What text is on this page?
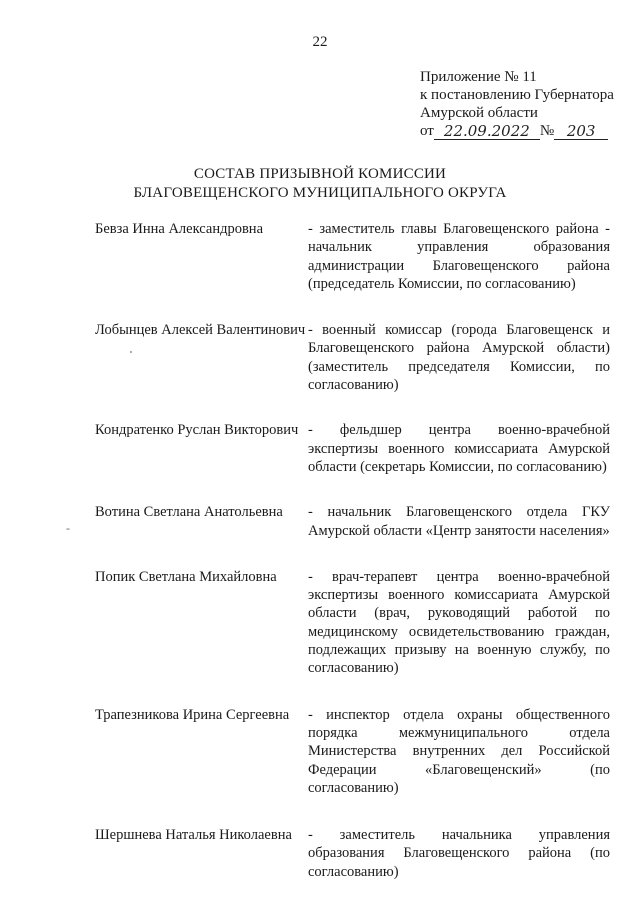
22
Приложение № 11
к постановлению Губернатора
Амурской области
от 22.09.2022 № 203
СОСТАВ ПРИЗЫВНОЙ КОМИССИИ
БЛАГОВЕЩЕНСКОГО МУНИЦИПАЛЬНОГО ОКРУГА
Бевза Инна Александровна	- заместитель главы Благовещенского района - начальник управления образования администрации Благовещенского района (председатель Комиссии, по согласованию)
Лобынцев Алексей Валентинович - военный комиссар (города Благовещенск и Благовещенского района Амурской области) (заместитель председателя Комиссии, по согласованию)
Кондратенко Руслан Викторович - фельдшер центра военно-врачебной экспертизы военного комиссариата Амурской области (секретарь Комиссии, по согласованию)
Вотина Светлана Анатольевна	- начальник Благовещенского отдела ГКУ Амурской области «Центр занятости населения»
Попик Светлана Михайловна	- врач-терапевт центра военно-врачебной экспертизы военного комиссариата Амурской области (врач, руководящий работой по медицинскому освидетельствованию граждан, подлежащих призыву на военную службу, по согласованию)
Трапезникова Ирина Сергеевна	- инспектор отдела охраны общественного порядка межмуниципального отдела Министерства внутренних дел Российской Федерации «Благовещенский» (по согласованию)
Шершнева Наталья Николаевна	- заместитель начальника управления образования Благовещенского района (по согласованию)
-
